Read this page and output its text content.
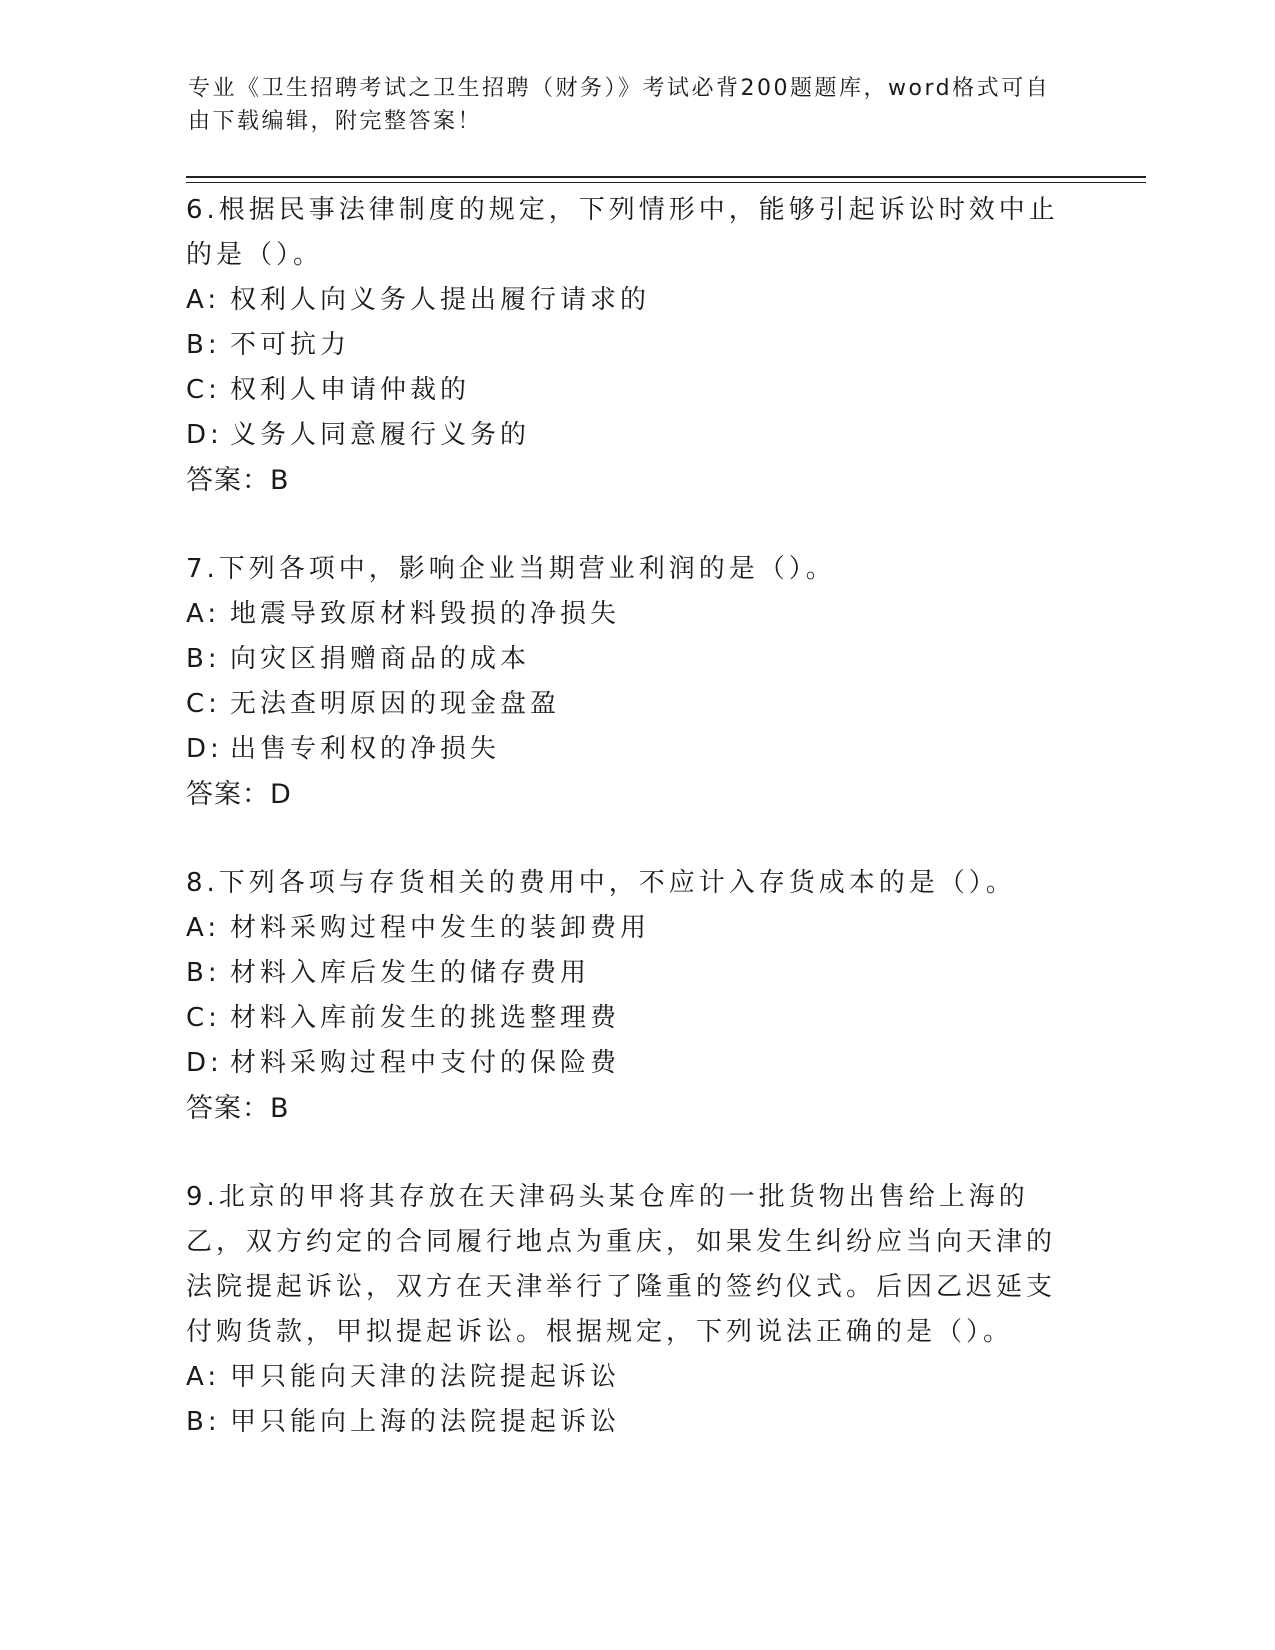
专业《卫生招聘考试之卫生招聘（财务）》考试必背200题题库，word格式可自由下载编辑，附完整答案！

6.根据民事法律制度的规定，下列情形中，能够引起诉讼时效中止的是（）。

A: 权利人向义务人提出履行请求的
B: 不可抗力
C: 权利人申请仲裁的
D: 义务人同意履行义务的
答案：B

7.下列各项中，影响企业当期营业利润的是（）。

A: 地震导致原材料毁损的净损失
B: 向灾区捐赠商品的成本
C: 无法查明原因的现金盘盈
D: 出售专利权的净损失
答案：D

8.下列各项与存货相关的费用中，不应计入存货成本的是（）。

A: 材料采购过程中发生的装卸费用
B: 材料入库后发生的储存费用
C: 材料入库前发生的挑选整理费
D: 材料采购过程中支付的保险费
答案：B

9.北京的甲将其存放在天津码头某仓库的一批货物出售给上海的乙，双方约定的合同履行地点为重庆，如果发生纠纷应当向天津的法院提起诉讼，双方在天津举行了隆重的签约仪式。后因乙迟延支付购货款，甲拟提起诉讼。根据规定，下列说法正确的是（）。

A: 甲只能向天津的法院提起诉讼
B: 甲只能向上海的法院提起诉讼
